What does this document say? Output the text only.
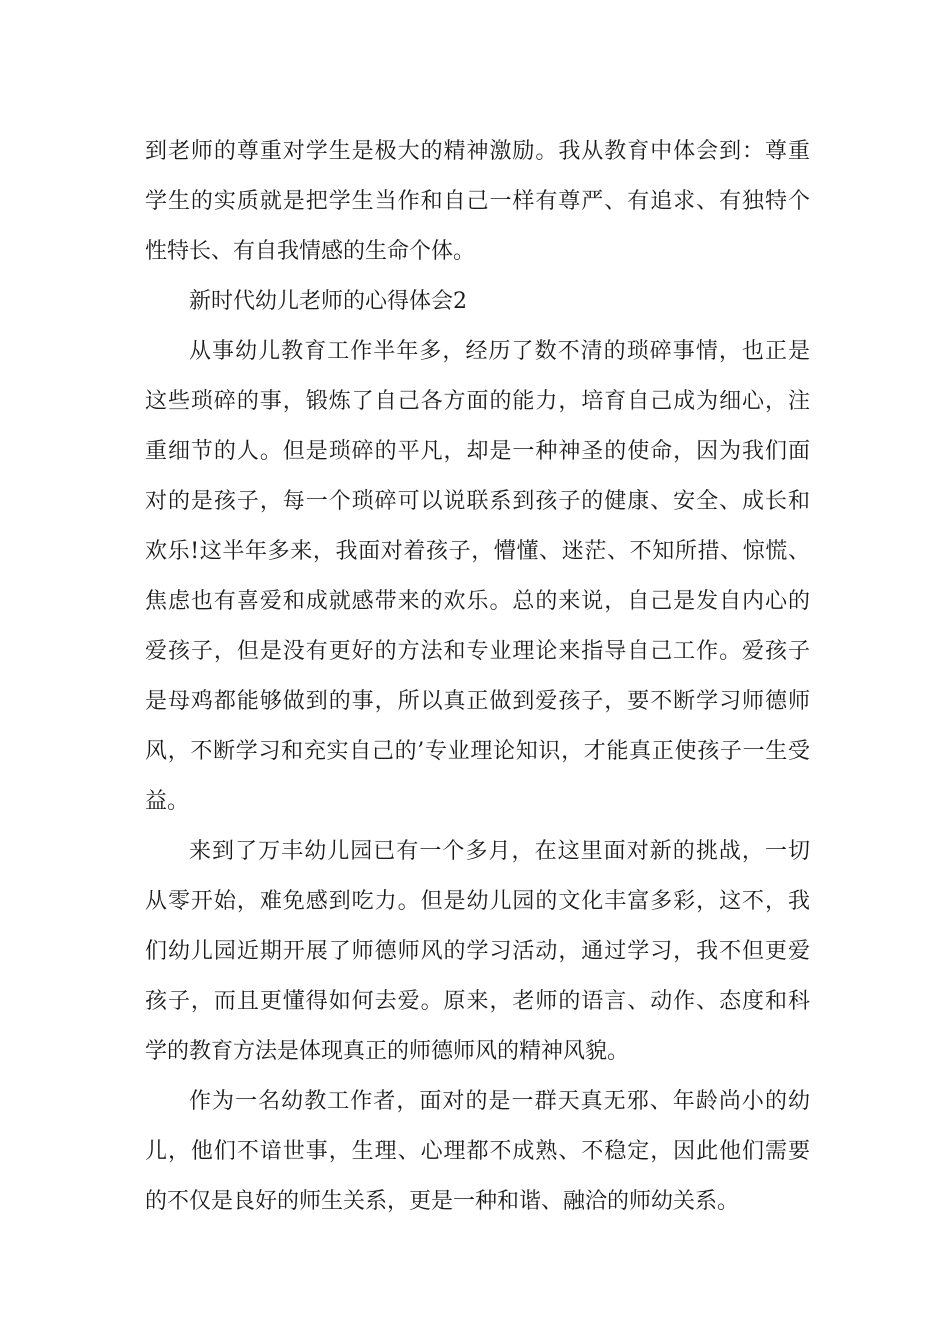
到老师的尊重对学生是极大的精神激励。我从教育中体会到：尊重
学生的实质就是把学生当作和自己一样有尊严、有追求、有独特个
性特长、有自我情感的生命个体。
新时代幼儿老师的心得体会2
从事幼儿教育工作半年多，经历了数不清的琐碎事情，也正是
这些琐碎的事，锻炼了自己各方面的能力，培育自己成为细心，注
重细节的人。但是琐碎的平凡，却是一种神圣的使命，因为我们面
对的是孩子，每一个琐碎可以说联系到孩子的健康、安全、成长和
欢乐!这半年多来，我面对着孩子，懵懂、迷茫、不知所措、惊慌、
焦虑也有喜爱和成就感带来的欢乐。总的来说，自己是发自内心的
爱孩子，但是没有更好的方法和专业理论来指导自己工作。爱孩子
是母鸡都能够做到的事，所以真正做到爱孩子，要不断学习师德师
风，不断学习和充实自己的’专业理论知识，才能真正使孩子一生受
益。
来到了万丰幼儿园已有一个多月，在这里面对新的挑战，一切
从零开始，难免感到吃力。但是幼儿园的文化丰富多彩，这不，我
们幼儿园近期开展了师德师风的学习活动，通过学习，我不但更爱
孩子，而且更懂得如何去爱。原来，老师的语言、动作、态度和科
学的教育方法是体现真正的师德师风的精神风貌。
作为一名幼教工作者，面对的是一群天真无邪、年龄尚小的幼
儿，他们不谙世事，生理、心理都不成熟、不稳定，因此他们需要
的不仅是良好的师生关系，更是一种和谐、融洽的师幼关系。
